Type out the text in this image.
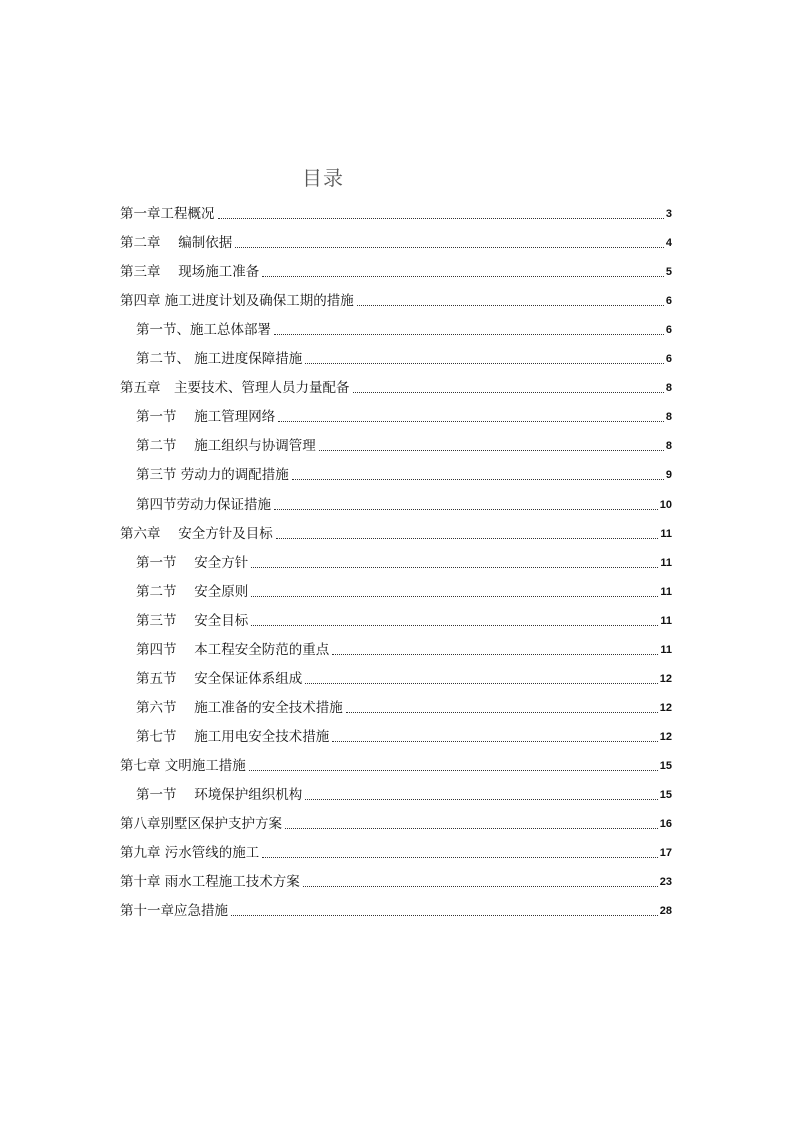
目录
第一章工程概况	3
第二章　 编制依据	4
第三章　 现场施工准备	5
第四章 施工进度计划及确保工期的措施	6
第一节、施工总体部署	6
第二节、 施工进度保障措施	6
第五章　主要技术、管理人员力量配备	8
第一节　 施工管理网络	8
第二节　 施工组织与协调管理	8
第三节 劳动力的调配措施	9
第四节劳动力保证措施	10
第六章　 安全方针及目标	11
第一节　 安全方针	11
第二节　 安全原则	11
第三节　 安全目标	11
第四节　 本工程安全防范的重点	11
第五节　 安全保证体系组成	12
第六节　 施工准备的安全技术措施	12
第七节　 施工用电安全技术措施	12
第七章 文明施工措施	15
第一节　 环境保护组织机构	15
第八章别墅区保护支护方案	16
第九章 污水管线的施工	17
第十章 雨水工程施工技术方案	23
第十一章应急措施	28
